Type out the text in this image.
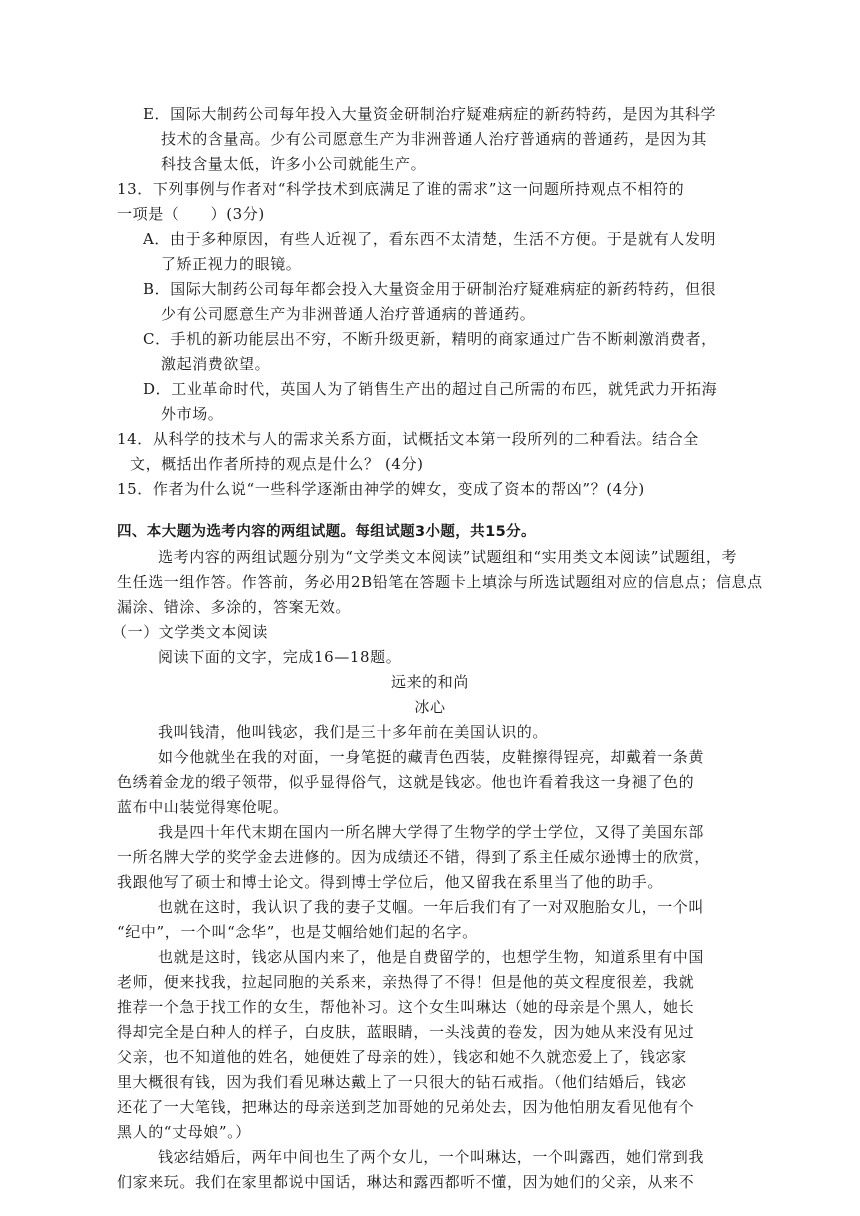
E．国际大制药公司每年投入大量资金研制治疗疑难病症的新药特药，是因为其科学
技术的含量高。少有公司愿意生产为非洲普通人治疗普通病的普通药，是因为其
科技含量太低，许多小公司就能生产。
13．下列事例与作者对“科学技术到底满足了谁的需求”这一问题所持观点不相符的
一项是（　　）(3分)
A．由于多种原因，有些人近视了，看东西不太清楚，生活不方便。于是就有人发明
了矫正视力的眼镜。
B．国际大制药公司每年都会投入大量资金用于研制治疗疑难病症的新药特药，但很
少有公司愿意生产为非洲普通人治疗普通病的普通药。
C．手机的新功能层出不穷，不断升级更新，精明的商家通过广告不断刺激消费者，
激起消费欲望。
D．工业革命时代，英国人为了销售生产出的超过自己所需的布匹，就凭武力开拓海
外市场。
14．从科学的技术与人的需求关系方面，试概括文本第一段所列的二种看法。结合全
文，概括出作者所持的观点是什么？ (4分)
15．作者为什么说“一些科学逐渐由神学的婢女，变成了资本的帮凶”？(4分)
四、本大题为选考内容的两组试题。每组试题3小题，共15分。
选考内容的两组试题分别为“文学类文本阅读”试题组和“实用类文本阅读”试题组，考
生任选一组作答。作答前，务必用2B铅笔在答题卡上填涂与所选试题组对应的信息点；信息点
漏涂、错涂、多涂的，答案无效。
（一）文学类文本阅读
阅读下面的文字，完成16—18题。
远来的和尚
冰心
我叫钱清，他叫钱宓，我们是三十多年前在美国认识的。
如今他就坐在我的对面，一身笔挺的藏青色西装，皮鞋擦得锃亮，却戴着一条黄
色绣着金龙的缎子领带，似乎显得俗气，这就是钱宓。他也许看着我这一身褪了色的
蓝布中山装觉得寒伧呢。
我是四十年代末期在国内一所名牌大学得了生物学的学士学位，又得了美国东部
一所名牌大学的奖学金去进修的。因为成绩还不错，得到了系主任威尔逊博士的欣赏，
我跟他写了硕士和博士论文。得到博士学位后，他又留我在系里当了他的助手。
也就在这时，我认识了我的妻子艾帼。一年后我们有了一对双胞胎女儿，一个叫
“纪中”，一个叫“念华”，也是艾帼给她们起的名字。
也就是这时，钱宓从国内来了，他是自费留学的，也想学生物，知道系里有中国
老师，便来找我，拉起同胞的关系来，亲热得了不得！但是他的英文程度很差，我就
推荐一个急于找工作的女生，帮他补习。这个女生叫琳达（她的母亲是个黑人，她长
得却完全是白种人的样子，白皮肤，蓝眼睛，一头浅黄的卷发，因为她从来没有见过
父亲，也不知道他的姓名，她便姓了母亲的姓），钱宓和她不久就恋爱上了，钱宓家
里大概很有钱，因为我们看见琳达戴上了一只很大的钻石戒指。（他们结婚后，钱宓
还花了一大笔钱，把琳达的母亲送到芝加哥她的兄弟处去，因为他怕朋友看见他有个
黑人的“丈母娘”。）
钱宓结婚后，两年中间也生了两个女儿，一个叫琳达，一个叫露西，她们常到我
们家来玩。我们在家里都说中国话，琳达和露西都听不懂，因为她们的父亲，从来不
